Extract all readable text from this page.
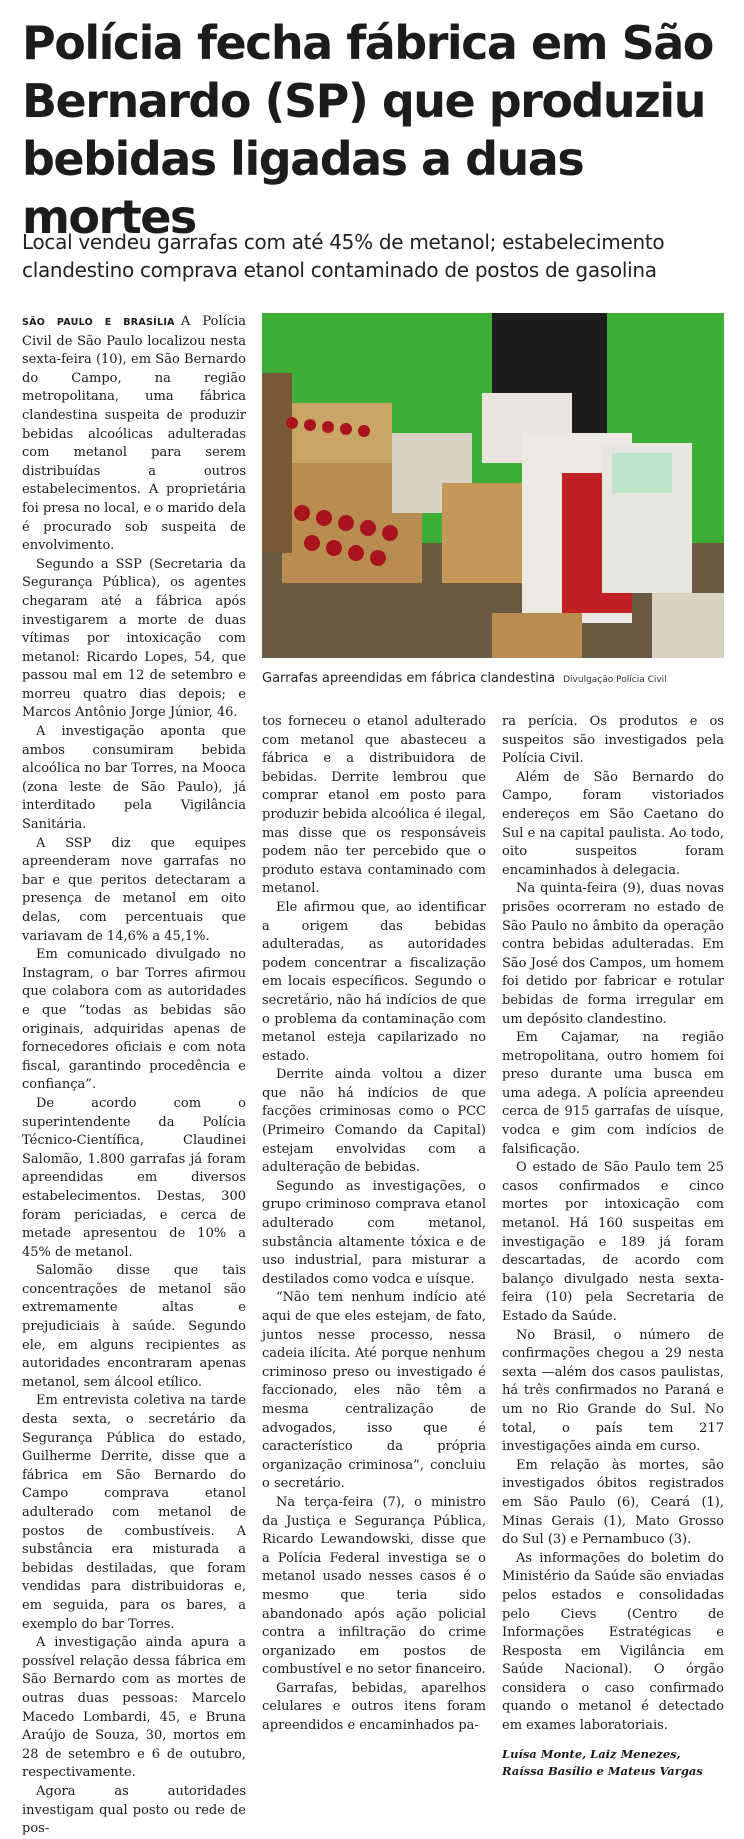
Polícia fecha fábrica em São Bernardo (SP) que produziu bebidas ligadas a duas mortes

Local vendeu garrafas com até 45% de metanol; estabelecimento clandestino comprava etanol contaminado de postos de gasolina

SÃO PAULO E BRASÍLIA A Polícia Civil de São Paulo localizou nesta sexta-feira (10), em São Bernardo do Campo, na região metropolitana, uma fábrica clandestina suspeita de produzir bebidas alcoólicas adulteradas com metanol para serem distribuídas a outros estabelecimentos. A proprietária foi presa no local, e o marido dela é procurado sob suspeita de envolvimento.

Segundo a SSP (Secretaria da Segurança Pública), os agentes chegaram até a fábrica após investigarem a morte de duas vítimas por intoxicação com metanol: Ricardo Lopes, 54, que passou mal em 12 de setembro e morreu quatro dias depois; e Marcos Antônio Jorge Júnior, 46.

A investigação aponta que ambos consumiram bebida alcoólica no bar Torres, na Mooca (zona leste de São Paulo), já interditado pela Vigilância Sanitária.

A SSP diz que equipes apreenderam nove garrafas no bar e que peritos detectaram a presença de metanol em oito delas, com percentuais que variavam de 14,6% a 45,1%.

Em comunicado divulgado no Instagram, o bar Torres afirmou que colabora com as autoridades e que “todas as bebidas são originais, adquiridas apenas de fornecedores oficiais e com nota fiscal, garantindo procedência e confiança”.

De acordo com o superintendente da Polícia Técnico-Científica, Claudinei Salomão, 1.800 garrafas já foram apreendidas em diversos estabelecimentos. Destas, 300 foram periciadas, e cerca de metade apresentou de 10% a 45% de metanol.

Salomão disse que tais concentrações de metanol são extremamente altas e prejudiciais à saúde. Segundo ele, em alguns recipientes as autoridades encontraram apenas metanol, sem álcool etílico.

Em entrevista coletiva na tarde desta sexta, o secretário da Segurança Pública do estado, Guilherme Derrite, disse que a fábrica em São Bernardo do Campo comprava etanol adulterado com metanol de postos de combustíveis. A substância era misturada a bebidas destiladas, que foram vendidas para distribuidoras e, em seguida, para os bares, a exemplo do bar Torres.

A investigação ainda apura a possível relação dessa fábrica em São Bernardo com as mortes de outras duas pessoas: Marcelo Macedo Lombardi, 45, e Bruna Araújo de Souza, 30, mortos em 28 de setembro e 6 de outubro, respectivamente.

Agora as autoridades investigam qual posto ou rede de pos-

Garrafas apreendidas em fábrica clandestina Divulgação Polícia Civil

tos forneceu o etanol adulterado com metanol que abasteceu a fábrica e a distribuidora de bebidas. Derrite lembrou que comprar etanol em posto para produzir bebida alcoólica é ilegal, mas disse que os responsáveis podem não ter percebido que o produto estava contaminado com metanol.

Ele afirmou que, ao identificar a origem das bebidas adulteradas, as autoridades podem concentrar a fiscalização em locais específicos. Segundo o secretário, não há indícios de que o problema da contaminação com metanol esteja capilarizado no estado.

Derrite ainda voltou a dizer que não há indícios de que facções criminosas como o PCC (Primeiro Comando da Capital) estejam envolvidas com a adulteração de bebidas.

Segundo as investigações, o grupo criminoso comprava etanol adulterado com metanol, substância altamente tóxica e de uso industrial, para misturar a destilados como vodca e uísque.

“Não tem nenhum indício até aqui de que eles estejam, de fato, juntos nesse processo, nessa cadeia ilícita. Até porque nenhum criminoso preso ou investigado é faccionado, eles não têm a mesma centralização de advogados, isso que é característico da própria organização criminosa”, concluiu o secretário.

Na terça-feira (7), o ministro da Justiça e Segurança Pública, Ricardo Lewandowski, disse que a Polícia Federal investiga se o metanol usado nesses casos é o mesmo que teria sido abandonado após ação policial contra a infiltração do crime organizado em postos de combustível e no setor financeiro.

Garrafas, bebidas, aparelhos celulares e outros itens foram apreendidos e encaminhados pa-

ra perícia. Os produtos e os suspeitos são investigados pela Polícia Civil.

Além de São Bernardo do Campo, foram vistoriados endereços em São Caetano do Sul e na capital paulista. Ao todo, oito suspeitos foram encaminhados à delegacia.

Na quinta-feira (9), duas novas prisões ocorreram no estado de São Paulo no âmbito da operação contra bebidas adulteradas. Em São José dos Campos, um homem foi detido por fabricar e rotular bebidas de forma irregular em um depósito clandestino.

Em Cajamar, na região metropolitana, outro homem foi preso durante uma busca em uma adega. A polícia apreendeu cerca de 915 garrafas de uísque, vodca e gim com indícios de falsificação.

O estado de São Paulo tem 25 casos confirmados e cinco mortes por intoxicação com metanol. Há 160 suspeitas em investigação e 189 já foram descartadas, de acordo com balanço divulgado nesta sexta-feira (10) pela Secretaria de Estado da Saúde.

No Brasil, o número de confirmações chegou a 29 nesta sexta —além dos casos paulistas, há três confirmados no Paraná e um no Rio Grande do Sul. No total, o país tem 217 investigações ainda em curso.

Em relação às mortes, são investigados óbitos registrados em São Paulo (6), Ceará (1), Minas Gerais (1), Mato Grosso do Sul (3) e Pernambuco (3).

As informações do boletim do Ministério da Saúde são enviadas pelos estados e consolidadas pelo Cievs (Centro de Informações Estratégicas e Resposta em Vigilância em Saúde Nacional). O órgão considera o caso confirmado quando o metanol é detectado em exames laboratoriais.

Luísa Monte, Laiz Menezes, Raíssa Basílio e Mateus Vargas
